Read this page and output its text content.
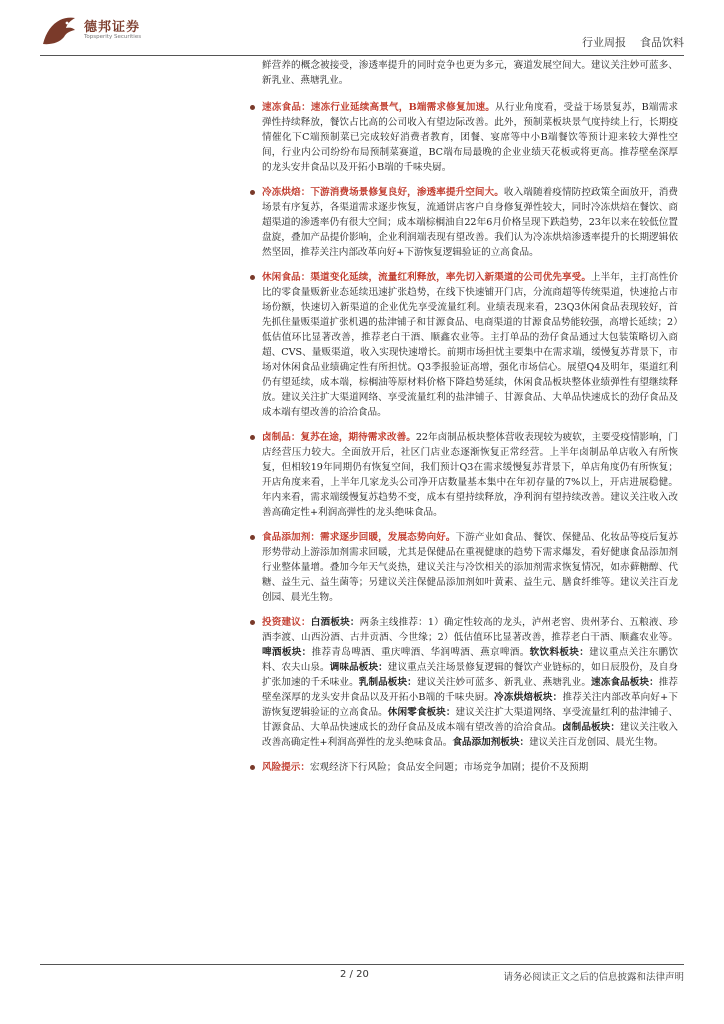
德邦证券
Topsperity Securities	行业周报 食品饮料

鲜营养的概念被接受，渗透率提升的同时竞争也更为多元，赛道发展空间大。建议关注妙可蓝多、新乳业、燕塘乳业。

速冻食品：速冻行业延续高景气，B端需求修复加速。从行业角度看，受益于场景复苏，B端需求弹性持续释放，餐饮占比高的公司收入有望边际改善。此外，预制菜板块景气度持续上行，长期疫情催化下C端预制菜已完成较好消费者教育，团餐、宴席等中小B端餐饮等预计迎来较大弹性空间，行业内公司纷纷布局预制菜赛道，BC端布局最晚的企业业绩天花板或将更高。推荐壁垒深厚的龙头安井食品以及开拓小B端的千味央厨。

冷冻烘焙：下游消费场景修复良好，渗透率提升空间大。收入端随着疫情防控政策全面放开，消费场景有序复苏，各渠道需求逐步恢复，流通饼店客户自身修复弹性较大，同时冷冻烘焙在餐饮、商超渠道的渗透率仍有很大空间；成本端棕榈油自22年6月价格呈现下跌趋势，23年以来在较低位置盘旋，叠加产品提价影响，企业利润端表现有望改善。我们认为冷冻烘焙渗透率提升的长期逻辑依然坚固，推荐关注内部改革向好+下游恢复逻辑验证的立高食品。

休闲食品：渠道变化延续，流量红利释放，率先切入新渠道的公司优先享受。上半年，主打高性价比的零食量贩新业态延续迅速扩张趋势，在线下快速铺开门店，分流商超等传统渠道，快速抢占市场份额，快速切入新渠道的企业优先享受流量红利。业绩表现来看，23Q3休闲食品表现较好，首先抓住量贩渠道扩张机遇的盐津铺子和甘源食品、电商渠道的甘源食品势能较强，高增长延续；2）低估值环比显著改善，推荐老白干酒、顺鑫农业等。主打单品的劲仔食品通过大包装策略切入商超、CVS、量贩渠道，收入实现快速增长。前期市场担忧主要集中在需求端，缓慢复苏背景下，市场对休闲食品业绩确定性有所担忧。Q3季报验证高增，强化市场信心。展望Q4及明年，渠道红利仍有望延续，成本端，棕榈油等原材料价格下降趋势延续，休闲食品板块整体业绩弹性有望继续释放。建议关注扩大渠道网络、享受流量红利的盐津铺子、甘源食品、大单品快速成长的劲仔食品及成本端有望改善的洽洽食品。

卤制品：复苏在途，期待需求改善。22年卤制品板块整体营收表现较为疲软，主要受疫情影响，门店经营压力较大。全面放开后，社区门店业态逐渐恢复正常经营。上半年卤制品单店收入有所恢复，但相较19年同期仍有恢复空间，我们预计Q3在需求缓慢复苏背景下，单店角度仍有所恢复；开店角度来看，上半年几家龙头公司净开店数量基本集中在年初存量的7%以上，开店进展稳健。年内来看，需求端缓慢复苏趋势不变，成本有望持续释放，净利润有望持续改善。建议关注收入改善高确定性+利润高弹性的龙头绝味食品。

食品添加剂：需求逐步回暖，发展态势向好。下游产业如食品、餐饮、保健品、化妆品等疫后复苏形势带动上游添加剂需求回暖，尤其是保健品在重视健康的趋势下需求爆发，看好健康食品添加剂行业整体量增。叠加今年天气炎热，建议关注与冷饮相关的添加剂需求恢复情况，如赤藓糖醇、代糖、益生元、益生菌等；另建议关注保健品添加剂如叶黄素、益生元、膳食纤维等。建议关注百龙创园、晨光生物。

投资建议：白酒板块：两条主线推荐：1）确定性较高的龙头，泸州老窖、贵州茅台、五粮液、珍酒李渡、山西汾酒、古井贡酒、今世缘；2）低估值环比显著改善，推荐老白干酒、顺鑫农业等。啤酒板块：推荐青岛啤酒、重庆啤酒、华润啤酒、燕京啤酒。软饮料板块：建议重点关注东鹏饮料、农夫山泉。调味品板块：建议重点关注场景修复逻辑的餐饮产业链标的，如日辰股份，及自身扩张加速的千禾味业。乳制品板块：建议关注妙可蓝多、新乳业、燕塘乳业。速冻食品板块：推荐壁垒深厚的龙头安井食品以及开拓小B端的千味央厨。冷冻烘焙板块：推荐关注内部改革向好+下游恢复逻辑验证的立高食品。休闲零食板块：建议关注扩大渠道网络、享受流量红利的盐津铺子、甘源食品、大单品快速成长的劲仔食品及成本端有望改善的洽洽食品。卤制品板块：建议关注收入改善高确定性+利润高弹性的龙头绝味食品。食品添加剂板块：建议关注百龙创园、晨光生物。

风险提示：宏观经济下行风险；食品安全问题；市场竞争加剧；提价不及预期

2 / 20	请务必阅读正文之后的信息披露和法律声明
